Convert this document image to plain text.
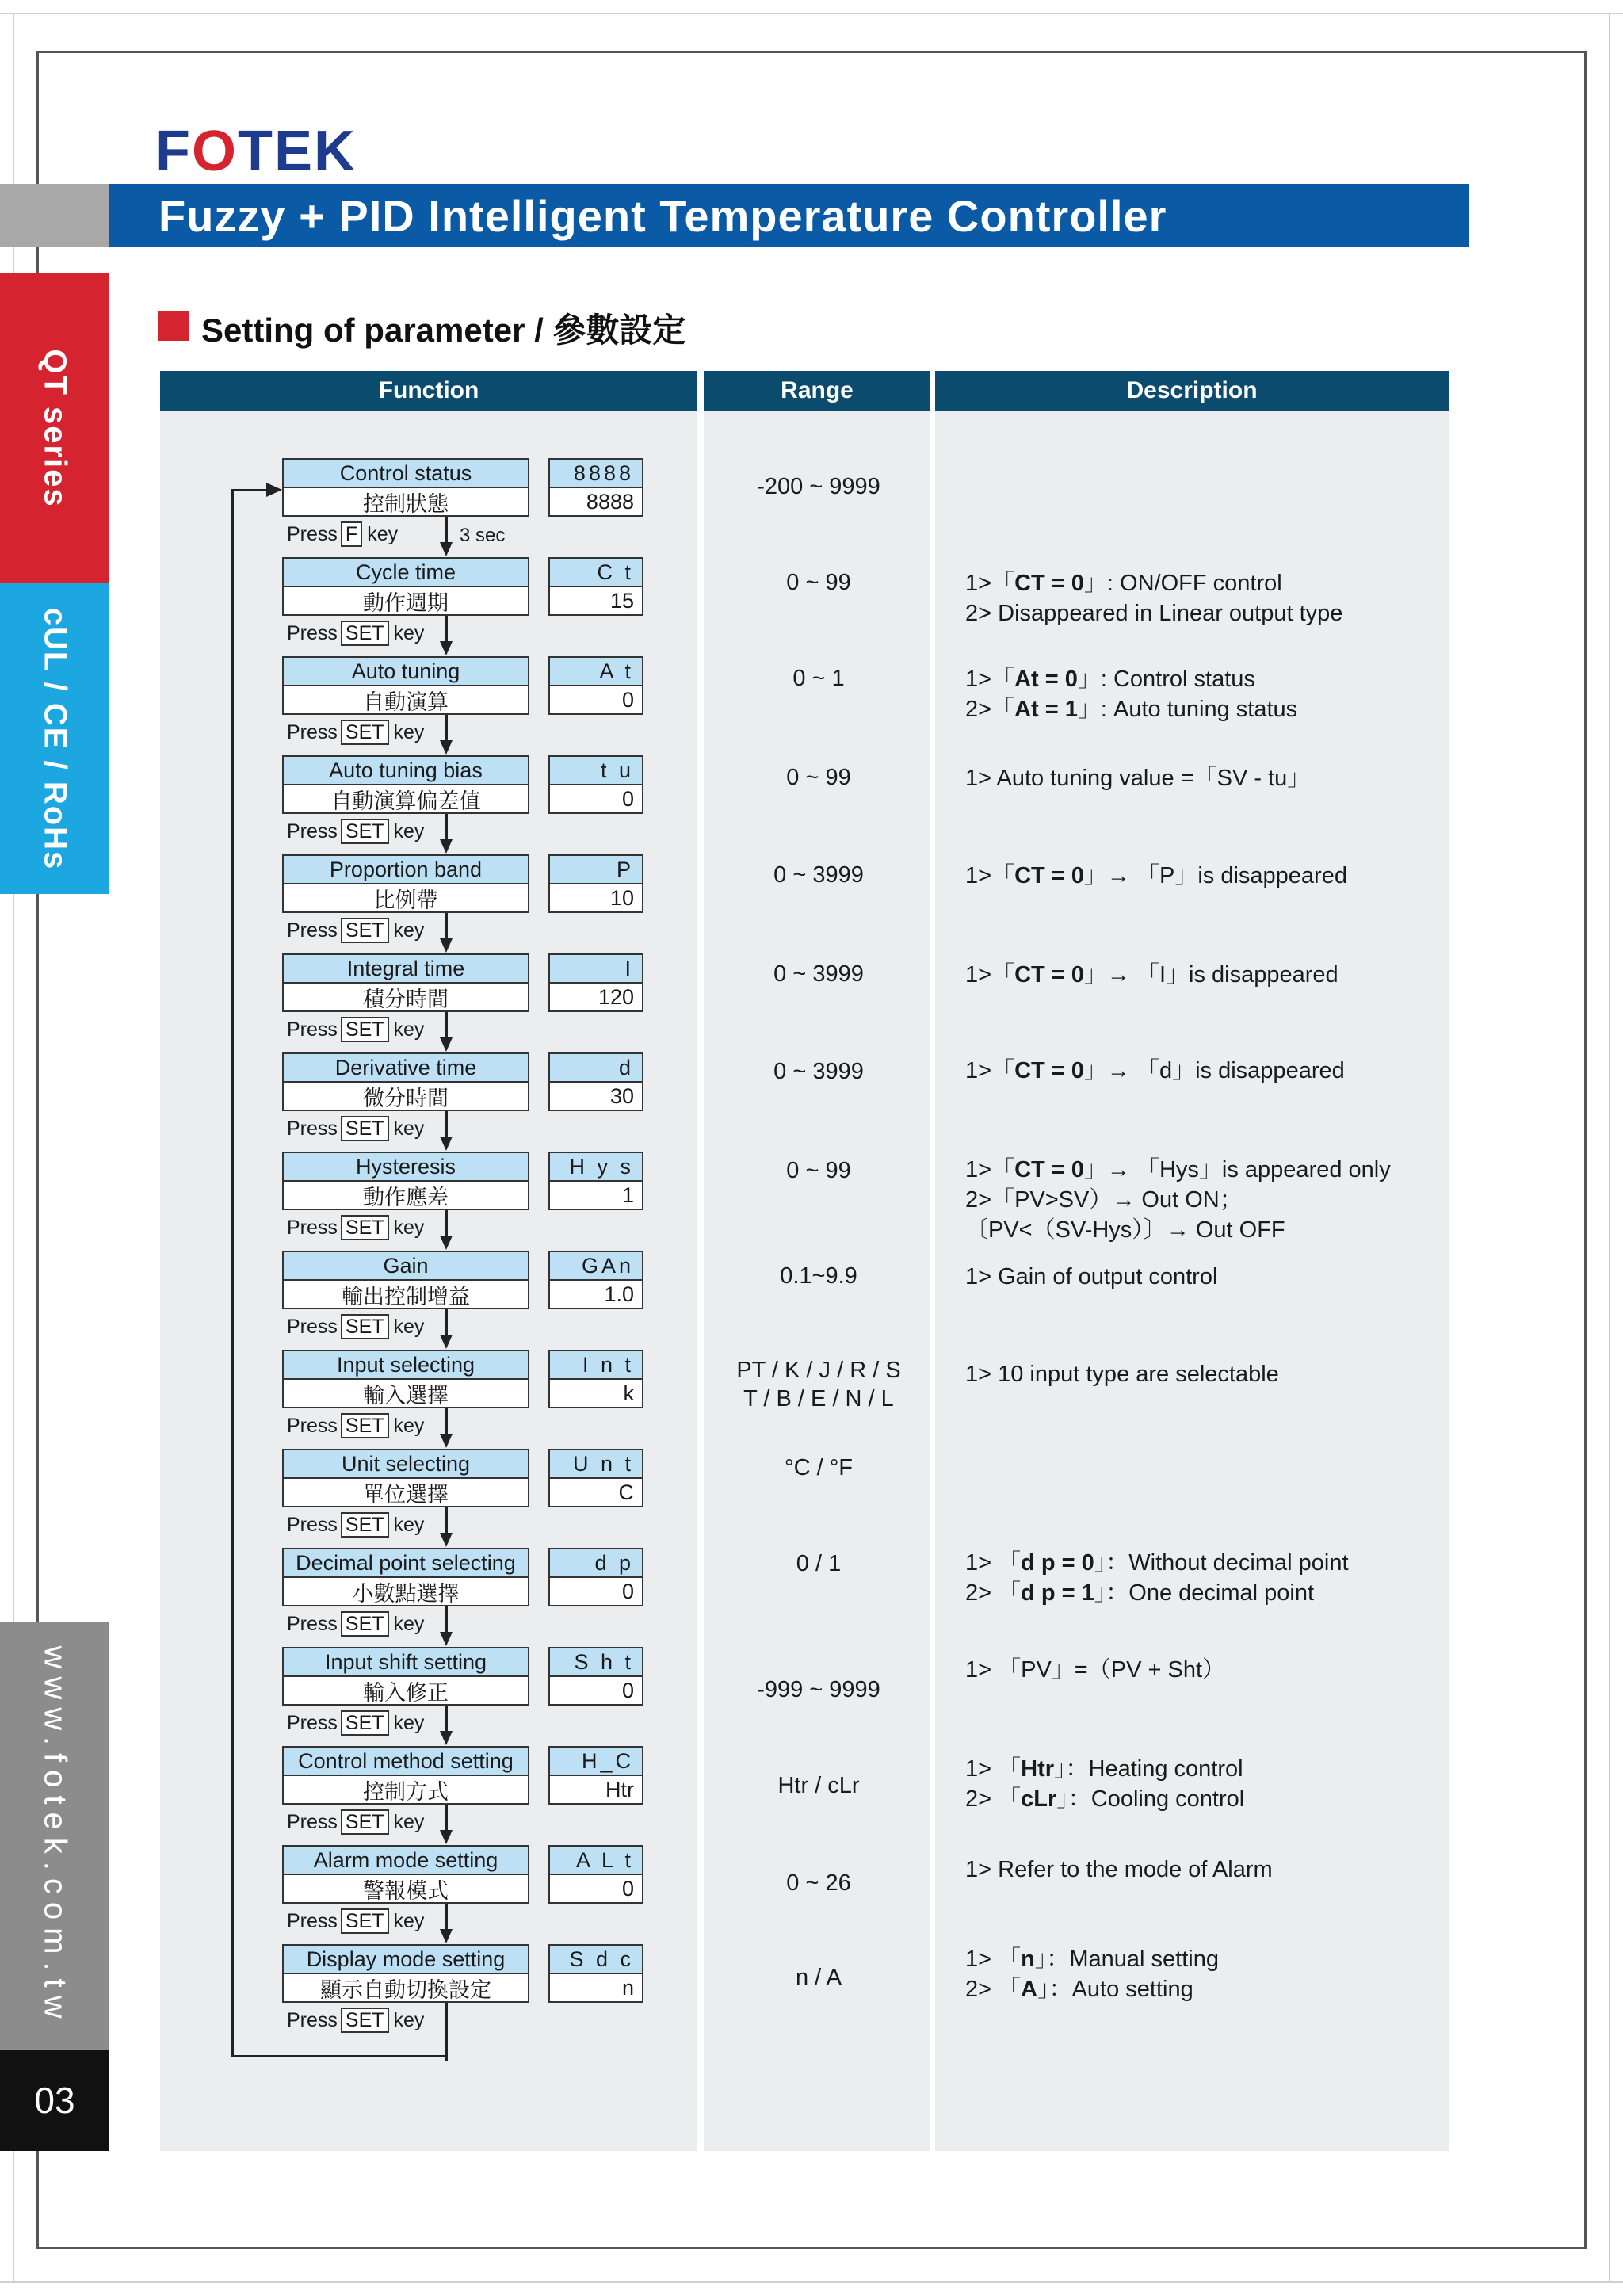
QT series
cUL / CE / RoHs
www.fotek.com.tw
03
FOTEK
Fuzzy + PID Intelligent Temperature Controller
Setting of parameter / 參數設定
Function	Range	Description
Control status
控制狀態
8888
8888
Press F key	3 sec
-200 ~ 9999
Cycle time
動作週期
C t
15
Press SET key
0 ~ 99	1>「CT = 0」: ON/OFF control
2> Disappeared in Linear output type
Auto tuning
自動演算
A t
0
Press SET key
0 ~ 1	1>「At = 0」: Control status
2>「At = 1」: Auto tuning status
Auto tuning bias
自動演算偏差值
t u
0
Press SET key
0 ~ 99	1> Auto tuning value =「SV - tu」
Proportion band
比例帶
P
10
Press SET key
0 ~ 3999	1>「CT = 0」→ 「P」is disappeared
Integral time
積分時間
I
120
Press SET key
0 ~ 3999	1>「CT = 0」→ 「I」is disappeared
Derivative time
微分時間
d
30
Press SET key
0 ~ 3999	1>「CT = 0」→ 「d」is disappeared
Hysteresis
動作應差
H y s
1
Press SET key
0 ~ 99	1>「CT = 0」→ 「Hys」is appeared only
2>「PV>SV）→ Out ON；
〔PV<（SV-Hys）〕→ Out OFF
Gain
輸出控制增益
GAn
1.0
Press SET key
0.1~9.9	1> Gain of output control
Input selecting
輸入選擇
I n t
k
Press SET key
PT / K / J / R / S
T / B / E / N / L
1> 10 input type are selectable
Unit selecting
單位選擇
U n t
C
Press SET key
°C / °F
Decimal point selecting
小數點選擇
d p
0
Press SET key
0 / 1	1> 「d p = 0」：Without decimal point
2> 「d p = 1」：One decimal point
Input shift setting
輸入修正
S h t
0
Press SET key
-999 ~ 9999
1> 「PV」=（PV + Sht）
Control method setting
控制方式
H_C
Htr
Press SET key
Htr / cLr
1> 「Htr」：Heating control
2> 「cLr」：Cooling control
Alarm mode setting
警報模式
A L t
0
Press SET key
0 ~ 26
1> Refer to the mode of Alarm
Display mode setting
顯示自動切換設定
S d c
n
Press SET key
n / A
1> 「n」：Manual setting
2> 「A」：Auto setting
